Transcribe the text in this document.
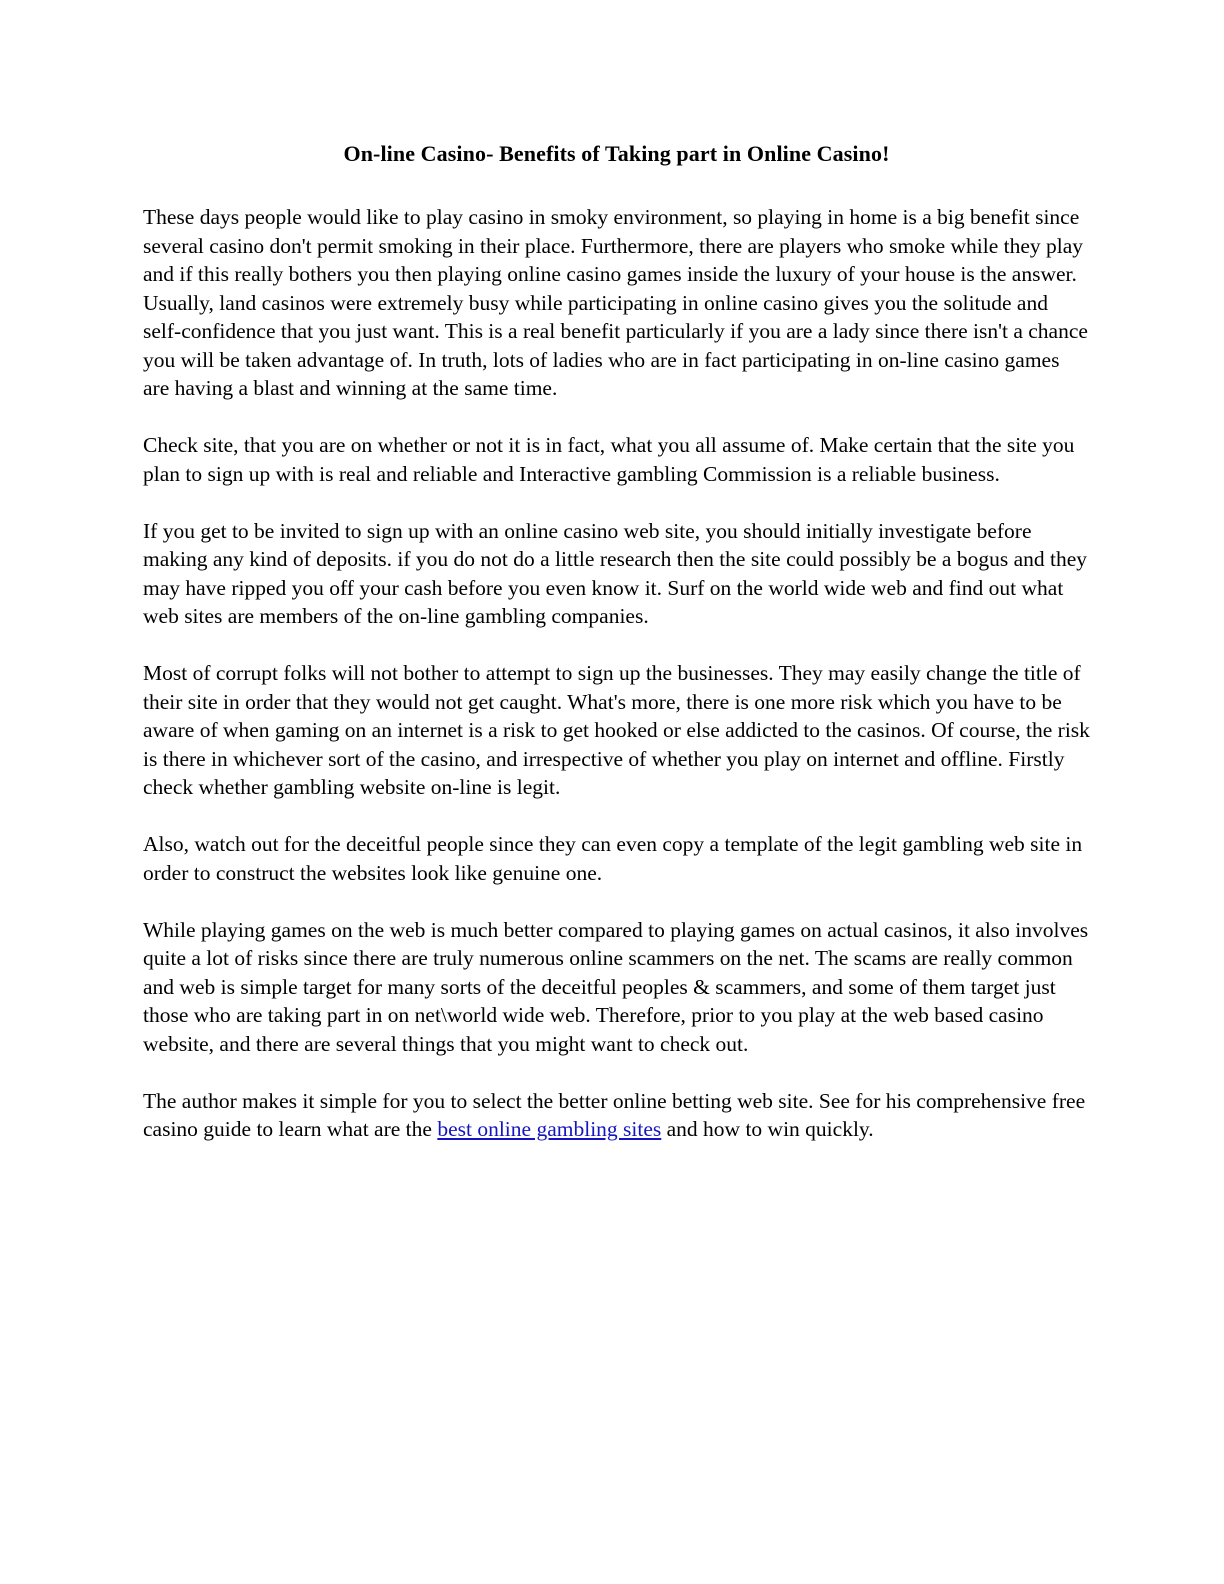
On-line Casino- Benefits of Taking part in Online Casino!

These days people would like to play casino in smoky environment, so playing in home is a big benefit since several casino don't permit smoking in their place. Furthermore, there are players who smoke while they play and if this really bothers you then playing online casino games inside the luxury of your house is the answer. Usually, land casinos were extremely busy while participating in online casino gives you the solitude and self-confidence that you just want. This is a real benefit particularly if you are a lady since there isn't a chance you will be taken advantage of. In truth, lots of ladies who are in fact participating in on-line casino games are having a blast and winning at the same time.

Check site, that you are on whether or not it is in fact, what you all assume of. Make certain that the site you plan to sign up with is real and reliable and Interactive gambling Commission is a reliable business.

If you get to be invited to sign up with an online casino web site, you should initially investigate before making any kind of deposits. if you do not do a little research then the site could possibly be a bogus and they may have ripped you off your cash before you even know it. Surf on the world wide web and find out what web sites are members of the on-line gambling companies.

Most of corrupt folks will not bother to attempt to sign up the businesses. They may easily change the title of their site in order that they would not get caught. What's more, there is one more risk which you have to be aware of when gaming on an internet is a risk to get hooked or else addicted to the casinos. Of course, the risk is there in whichever sort of the casino, and irrespective of whether you play on internet and offline. Firstly check whether gambling website on-line is legit.

Also, watch out for the deceitful people since they can even copy a template of the legit gambling web site in order to construct the websites look like genuine one.

While playing games on the web is much better compared to playing games on actual casinos, it also involves quite a lot of risks since there are truly numerous online scammers on the net. The scams are really common and web is simple target for many sorts of the deceitful peoples & scammers, and some of them target just those who are taking part in on net\world wide web. Therefore, prior to you play at the web based casino website, and there are several things that you might want to check out.

The author makes it simple for you to select the better online betting web site. See for his comprehensive free casino guide to learn what are the best online gambling sites and how to win quickly.
